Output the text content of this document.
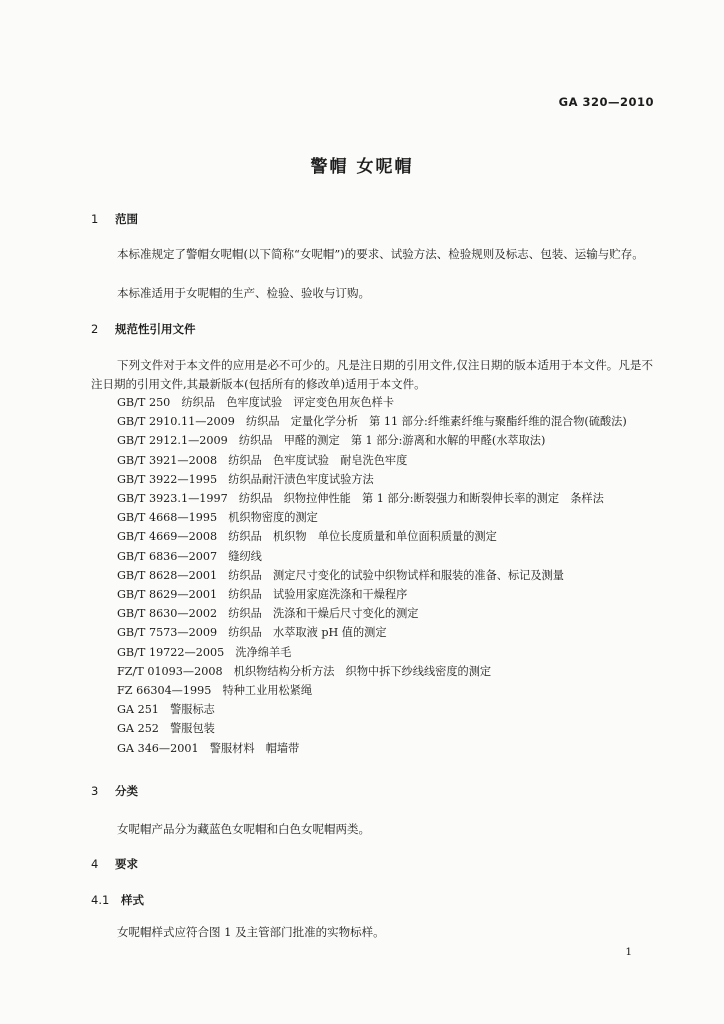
GA 320—2010
警帽 女呢帽
1 范围
本标准规定了警帽女呢帽(以下简称“女呢帽”)的要求、试验方法、检验规则及标志、包装、运输与贮存。
本标准适用于女呢帽的生产、检验、验收与订购。
2 规范性引用文件
下列文件对于本文件的应用是必不可少的。凡是注日期的引用文件,仅注日期的版本适用于本文件。凡是不注日期的引用文件,其最新版本(包括所有的修改单)适用于本文件。
GB/T 250　纺织品　色牢度试验　评定变色用灰色样卡
GB/T 2910.11—2009　纺织品　定量化学分析　第 11 部分:纤维素纤维与聚酯纤维的混合物(硫酸法)
GB/T 2912.1—2009　纺织品　甲醛的测定　第 1 部分:游离和水解的甲醛(水萃取法)
GB/T 3921—2008　纺织品　色牢度试验　耐皂洗色牢度
GB/T 3922—1995　纺织品耐汗渍色牢度试验方法
GB/T 3923.1—1997　纺织品　织物拉伸性能　第 1 部分:断裂强力和断裂伸长率的测定　条样法
GB/T 4668—1995　机织物密度的测定
GB/T 4669—2008　纺织品　机织物　单位长度质量和单位面积质量的测定
GB/T 6836—2007　缝纫线
GB/T 8628—2001　纺织品　测定尺寸变化的试验中织物试样和服装的准备、标记及测量
GB/T 8629—2001　纺织品　试验用家庭洗涤和干燥程序
GB/T 8630—2002　纺织品　洗涤和干燥后尺寸变化的测定
GB/T 7573—2009　纺织品　水萃取液 pH 值的测定
GB/T 19722—2005　洗净绵羊毛
FZ/T 01093—2008　机织物结构分析方法　织物中拆下纱线线密度的测定
FZ 66304—1995　特种工业用松紧绳
GA 251　警服标志
GA 252　警服包装
GA 346—2001　警服材料　帽墙带
3 分类
女呢帽产品分为藏蓝色女呢帽和白色女呢帽两类。
4 要求
4.1 样式
女呢帽样式应符合图 1 及主管部门批准的实物标样。
1
